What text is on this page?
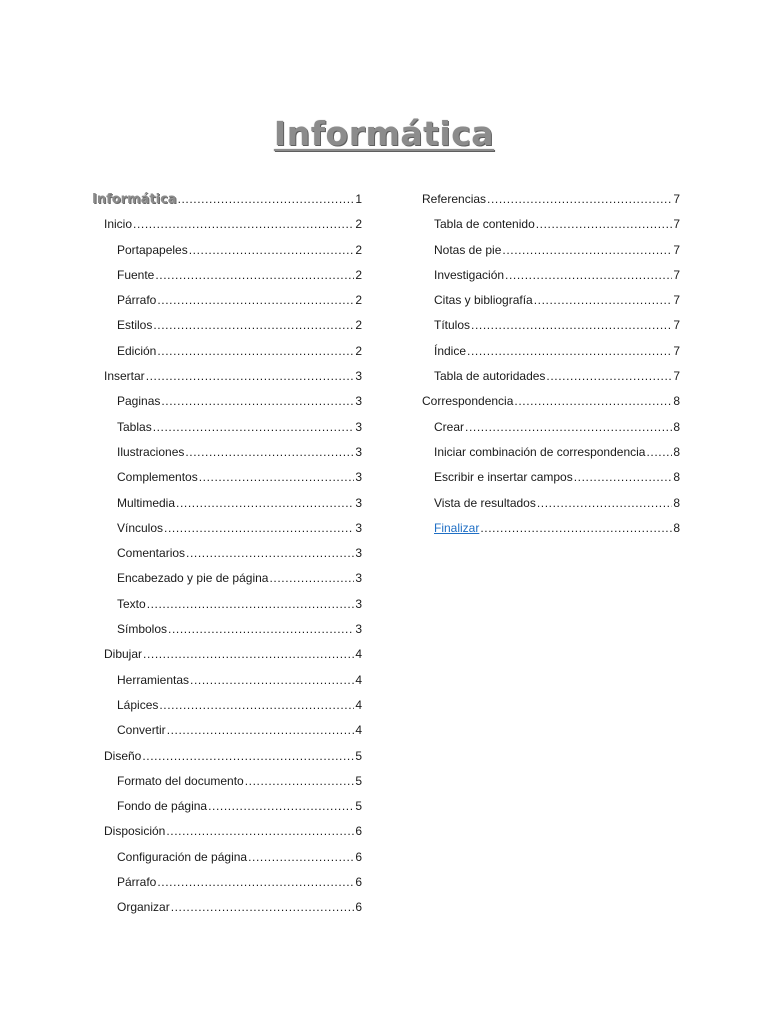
Informática
Informática .....	1
Inicio .....	2
Portapapeles .....	2
Fuente .....	2
Párrafo .....	2
Estilos .....	2
Edición .....	2
Insertar .....	3
Paginas .....	3
Tablas .....	3
Ilustraciones .....	3
Complementos .....	3
Multimedia .....	3
Vínculos .....	3
Comentarios .....	3
Encabezado y pie de página .....	3
Texto .....	3
Símbolos .....	3
Dibujar .....	4
Herramientas .....	4
Lápices .....	4
Convertir .....	4
Diseño .....	5
Formato del documento .....	5
Fondo de página .....	5
Disposición .....	6
Configuración de página .....	6
Párrafo .....	6
Organizar .....	6
Referencias .....	7
Tabla de contenido .....	7
Notas de pie .....	7
Investigación .....	7
Citas y bibliografía .....	7
Títulos .....	7
Índice .....	7
Tabla de autoridades .....	7
Correspondencia .....	8
Crear .....	8
Iniciar combinación de correspondencia ..... 8
Escribir e insertar campos .....	8
Vista de resultados .....	8
Finalizar .....	8
